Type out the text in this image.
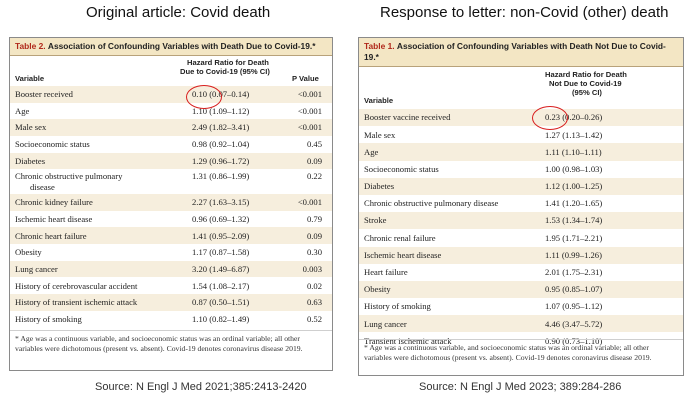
Original article: Covid death	Response to letter: non-Covid (other) death
Table 2. Association of Confounding Variables with Death Due to Covid-19.*
Variable
Hazard Ratio for Death
Due to Covid-19 (95% CI)
P Value
Booster received	0.10 (0.07–0.14)	<0.001
Age	1.10 (1.09–1.12)	<0.001
Male sex	2.49 (1.82–3.41)	<0.001
Socioeconomic status	0.98 (0.92–1.04)	0.45
Diabetes	1.29 (0.96–1.72)	0.09
Chronic obstructive pulmonary
disease
1.31 (0.86–1.99)	0.22
Chronic kidney failure	2.27 (1.63–3.15)	<0.001
Ischemic heart disease	0.96 (0.69–1.32)	0.79
Chronic heart failure	1.41 (0.95–2.09)	0.09
Obesity	1.17 (0.87–1.58)	0.30
Lung cancer	3.20 (1.49–6.87)	0.003
History of cerebrovascular accident	1.54 (1.08–2.17)	0.02
History of transient ischemic attack	0.87 (0.50–1.51)	0.63
History of smoking	1.10 (0.82–1.49)	0.52
* Age was a continuous variable, and socioeconomic status was an ordinal variable; all other variables were dichotomous (present vs. absent). Covid-19 denotes coronavirus disease 2019.
Table 1. Association of Confounding Variables with Death Not Due to Covid-19.*
Variable
Hazard Ratio for Death
Not Due to Covid-19
(95% CI)
Booster vaccine received	0.23 (0.20–0.26)
Male sex	1.27 (1.13–1.42)
Age	1.11 (1.10–1.11)
Socioeconomic status	1.00 (0.98–1.03)
Diabetes	1.12 (1.00–1.25)
Chronic obstructive pulmonary disease	1.41 (1.20–1.65)
Stroke	1.53 (1.34–1.74)
Chronic renal failure	1.95 (1.71–2.21)
Ischemic heart disease	1.11 (0.99–1.26)
Heart failure	2.01 (1.75–2.31)
Obesity	0.95 (0.85–1.07)
History of smoking	1.07 (0.95–1.12)
Lung cancer	4.46 (3.47–5.72)
Transient ischemic attack	0.90 (0.73–1.10)
* Age was a continuous variable, and socioeconomic status was an ordinal variable; all other variables were dichotomous (present vs. absent). Covid-19 denotes coronavirus disease 2019.
Source: N Engl J Med 2021;385:2413-2420	Source: N Engl J Med 2023; 389:284-286
